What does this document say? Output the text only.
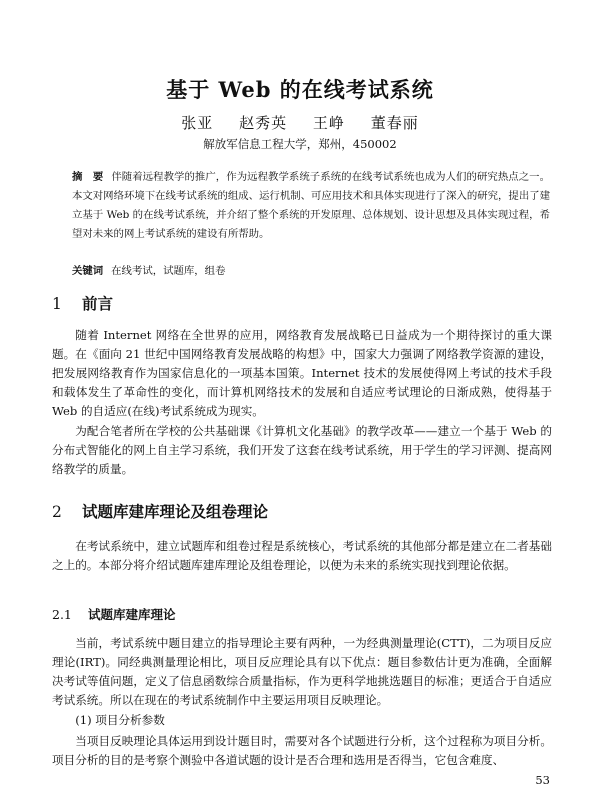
基于 Web 的在线考试系统
张亚 赵秀英 王峥 董春丽
解放军信息工程大学，郑州，450002
摘　要 伴随着远程教学的推广，作为远程教学系统子系统的在线考试系统也成为人们的研究热点之一。本文对网络环境下在线考试系统的组成、运行机制、可应用技术和具体实现进行了深入的研究，提出了建立基于 Web 的在线考试系统，并介绍了整个系统的开发原理、总体规划、设计思想及具体实现过程，希望对未来的网上考试系统的建设有所帮助。
关键词 在线考试，试题库，组卷
1 前言
随着 Internet 网络在全世界的应用，网络教育发展战略已日益成为一个期待探讨的重大课题。在《面向 21 世纪中国网络教育发展战略的构想》中，国家大力强调了网络教学资源的建设，把发展网络教育作为国家信息化的一项基本国策。Internet 技术的发展使得网上考试的技术手段和载体发生了革命性的变化，而计算机网络技术的发展和自适应考试理论的日渐成熟，使得基于 Web 的自适应(在线)考试系统成为现实。
为配合笔者所在学校的公共基础课《计算机文化基础》的教学改革——建立一个基于 Web 的分布式智能化的网上自主学习系统，我们开发了这套在线考试系统，用于学生的学习评测、提高网络教学的质量。
2 试题库建库理论及组卷理论
在考试系统中，建立试题库和组卷过程是系统核心，考试系统的其他部分都是建立在二者基础之上的。本部分将介绍试题库建库理论及组卷理论，以便为未来的系统实现找到理论依据。
2.1 试题库建库理论
当前，考试系统中题目建立的指导理论主要有两种，一为经典测量理论(CTT)，二为项目反应理论(IRT)。同经典测量理论相比，项目反应理论具有以下优点：题目参数估计更为准确，全面解决考试等值问题，定义了信息函数综合质量指标，作为更科学地挑选题目的标准；更适合于自适应考试系统。所以在现在的考试系统制作中主要运用项目反映理论。
(1) 项目分析参数
当项目反映理论具体运用到设计题目时，需要对各个试题进行分析，这个过程称为项目分析。项目分析的目的是考察个测验中各道试题的设计是否合理和选用是否得当，它包含难度、
53
